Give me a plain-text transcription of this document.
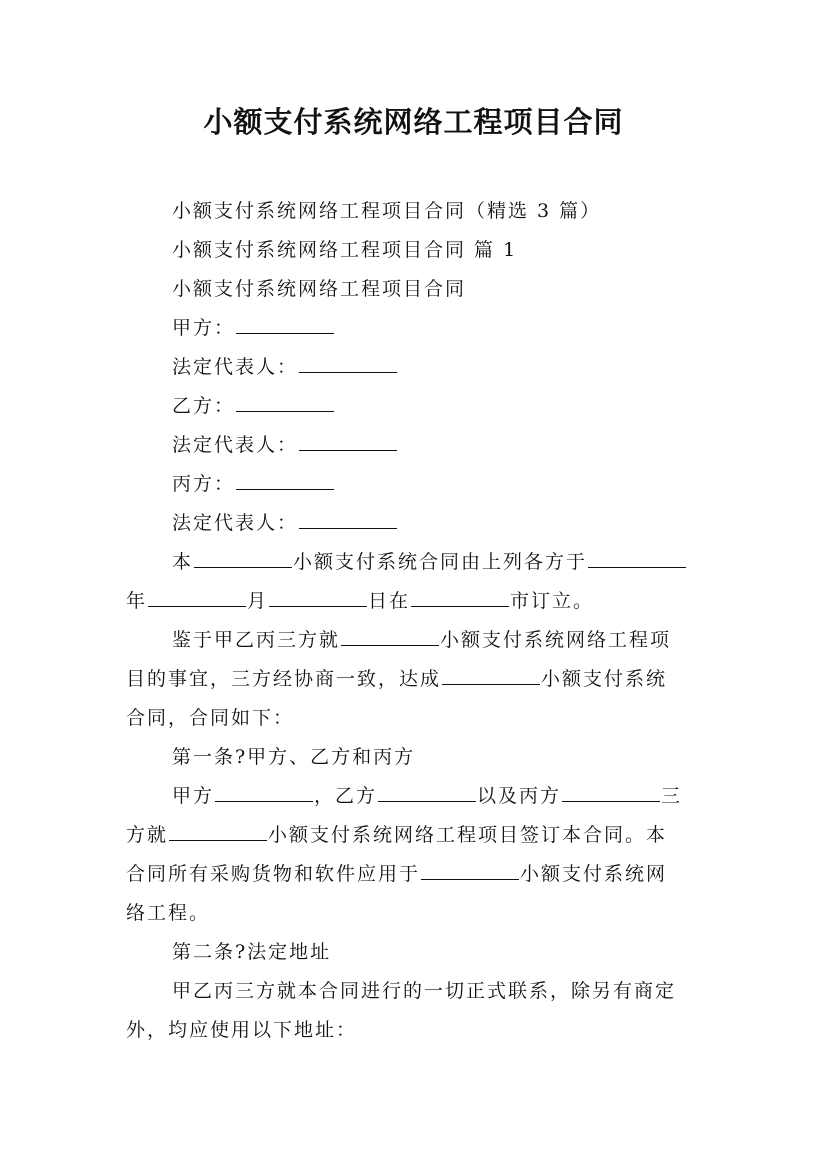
小额支付系统网络工程项目合同
小额支付系统网络工程项目合同（精选 3 篇）
小额支付系统网络工程项目合同 篇 1
小额支付系统网络工程项目合同
甲方：
法定代表人：
乙方：
法定代表人：
丙方：
法定代表人：
本	小额支付系统合同由上列各方于
年	月	日在	市订立。
鉴于甲乙丙三方就	小额支付系统网络工程项
目的事宜，三方经协商一致，达成	小额支付系统
合同，合同如下：
第一条?甲方、乙方和丙方
甲方	，乙方	以及丙方	三
方就	小额支付系统网络工程项目签订本合同。本
合同所有采购货物和软件应用于	小额支付系统网
络工程。
第二条?法定地址
甲乙丙三方就本合同进行的一切正式联系，除另有商定
外，均应使用以下地址：
